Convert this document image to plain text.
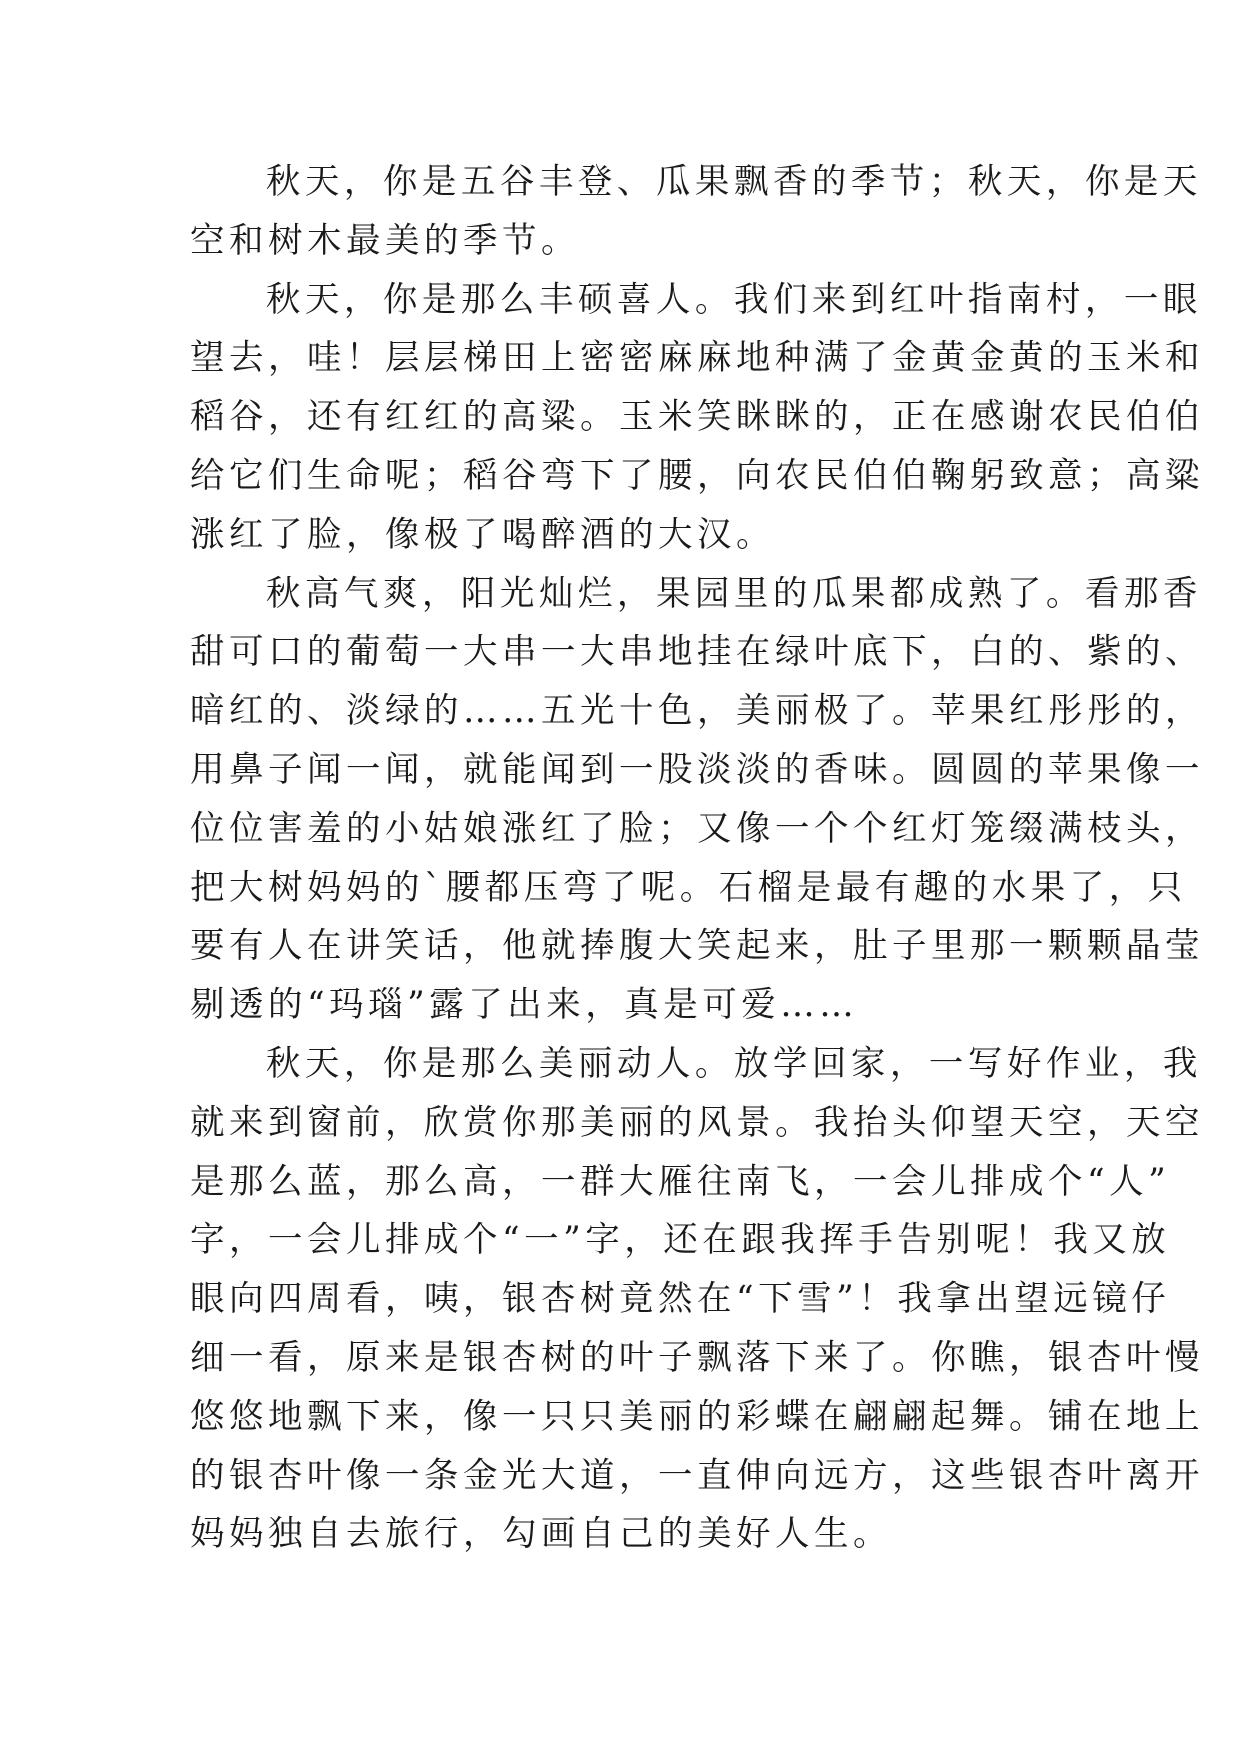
秋天，你是五谷丰登、瓜果飘香的季节；秋天，你是天
空和树木最美的季节。

秋天，你是那么丰硕喜人。我们来到红叶指南村，一眼
望去，哇！层层梯田上密密麻麻地种满了金黄金黄的玉米和
稻谷，还有红红的高粱。玉米笑眯眯的，正在感谢农民伯伯
给它们生命呢；稻谷弯下了腰，向农民伯伯鞠躬致意；高粱
涨红了脸，像极了喝醉酒的大汉。

秋高气爽，阳光灿烂，果园里的瓜果都成熟了。看那香
甜可口的葡萄一大串一大串地挂在绿叶底下，白的、紫的、
暗红的、淡绿的……五光十色，美丽极了。苹果红彤彤的，
用鼻子闻一闻，就能闻到一股淡淡的香味。圆圆的苹果像一
位位害羞的小姑娘涨红了脸；又像一个个红灯笼缀满枝头，
把大树妈妈的`腰都压弯了呢。石榴是最有趣的水果了，只
要有人在讲笑话，他就捧腹大笑起来，肚子里那一颗颗晶莹
剔透的“玛瑙”露了出来，真是可爱……

秋天，你是那么美丽动人。放学回家，一写好作业，我
就来到窗前，欣赏你那美丽的风景。我抬头仰望天空，天空
是那么蓝，那么高，一群大雁往南飞，一会儿排成个“人”
字，一会儿排成个“一”字，还在跟我挥手告别呢！我又放
眼向四周看，咦，银杏树竟然在“下雪”！我拿出望远镜仔
细一看，原来是银杏树的叶子飘落下来了。你瞧，银杏叶慢
悠悠地飘下来，像一只只美丽的彩蝶在翩翩起舞。铺在地上
的银杏叶像一条金光大道，一直伸向远方，这些银杏叶离开
妈妈独自去旅行，勾画自己的美好人生。
